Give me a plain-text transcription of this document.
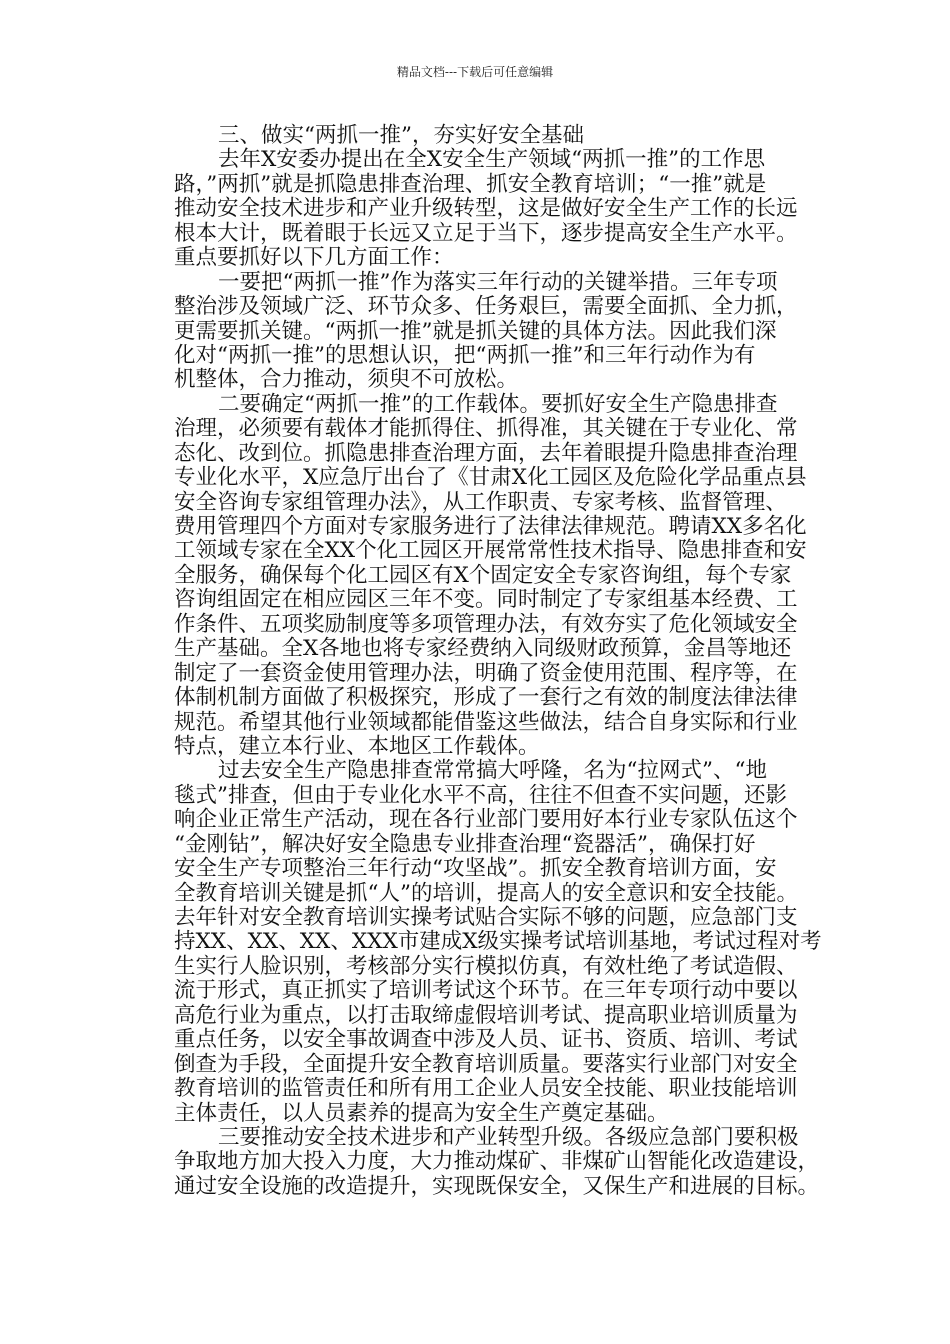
精品文档---下载后可任意编辑
三、做实“两抓一推”，夯实好安全基础
去年X安委办提出在全X安全生产领域“两抓一推”的工作思
路，”两抓”就是抓隐患排查治理、抓安全教育培训；“一推”就是
推动安全技术进步和产业升级转型，这是做好安全生产工作的长远
根本大计，既着眼于长远又立足于当下，逐步提高安全生产水平。
重点要抓好以下几方面工作：
一要把“两抓一推”作为落实三年行动的关键举措。三年专项
整治涉及领域广泛、环节众多、任务艰巨，需要全面抓、全力抓，
更需要抓关键。“两抓一推”就是抓关键的具体方法。因此我们深
化对“两抓一推”的思想认识，把“两抓一推”和三年行动作为有
机整体，合力推动，须臾不可放松。
二要确定“两抓一推”的工作载体。要抓好安全生产隐患排查
治理，必须要有载体才能抓得住、抓得准，其关键在于专业化、常
态化、改到位。抓隐患排查治理方面，去年着眼提升隐患排查治理
专业化水平，X应急厅出台了《甘肃X化工园区及危险化学品重点县
安全咨询专家组管理办法》，从工作职责、专家考核、监督管理、
费用管理四个方面对专家服务进行了法律法律规范。聘请XX多名化
工领域专家在全XX个化工园区开展常常性技术指导、隐患排查和安
全服务，确保每个化工园区有X个固定安全专家咨询组，每个专家
咨询组固定在相应园区三年不变。同时制定了专家组基本经费、工
作条件、五项奖励制度等多项管理办法，有效夯实了危化领域安全
生产基础。全X各地也将专家经费纳入同级财政预算，金昌等地还
制定了一套资金使用管理办法，明确了资金使用范围、程序等，在
体制机制方面做了积极探究，形成了一套行之有效的制度法律法律
规范。希望其他行业领域都能借鉴这些做法，结合自身实际和行业
特点，建立本行业、本地区工作载体。
过去安全生产隐患排查常常搞大呼隆，名为“拉网式”、“地
毯式”排查，但由于专业化水平不高，往往不但查不实问题，还影
响企业正常生产活动，现在各行业部门要用好本行业专家队伍这个
“金刚钻”，解决好安全隐患专业排查治理“瓷器活”，确保打好
安全生产专项整治三年行动“攻坚战”。抓安全教育培训方面，安
全教育培训关键是抓“人”的培训，提高人的安全意识和安全技能。
去年针对安全教育培训实操考试贴合实际不够的问题，应急部门支
持XX、XX、XX、XXX市建成X级实操考试培训基地，考试过程对考
生实行人脸识别，考核部分实行模拟仿真，有效杜绝了考试造假、
流于形式，真正抓实了培训考试这个环节。在三年专项行动中要以
高危行业为重点，以打击取缔虚假培训考试、提高职业培训质量为
重点任务，以安全事故调查中涉及人员、证书、资质、培训、考试
倒查为手段，全面提升安全教育培训质量。要落实行业部门对安全
教育培训的监管责任和所有用工企业人员安全技能、职业技能培训
主体责任，以人员素养的提高为安全生产奠定基础。
三要推动安全技术进步和产业转型升级。各级应急部门要积极
争取地方加大投入力度，大力推动煤矿、非煤矿山智能化改造建设，
通过安全设施的改造提升，实现既保安全，又保生产和进展的目标。
